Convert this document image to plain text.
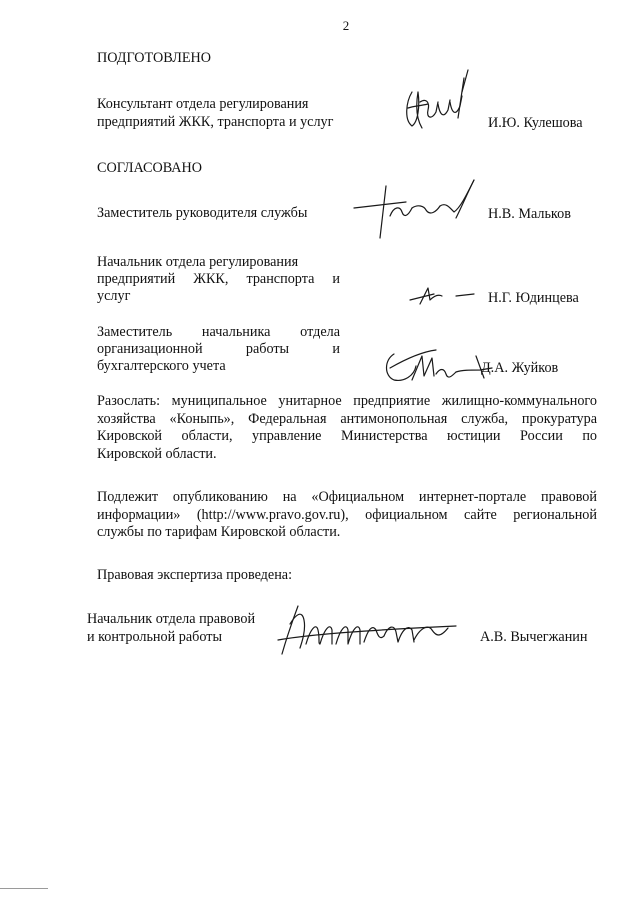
2
ПОДГОТОВЛЕНО
Консультант отдела регулирования
предприятий ЖКК, транспорта и услуг	И.Ю. Кулешова
СОГЛАСОВАНО
Заместитель руководителя службы	Н.В. Мальков
Начальник отдела регулирования
предприятий ЖКК, транспорта и
услуг	Н.Г. Юдинцева
Заместитель начальника отдела
организационной работы и
бухгалтерского учета	Д.А. Жуйков
Разослать: муниципальное унитарное предприятие жилищно-коммунального
хозяйства «Коныпь», Федеральная антимонопольная служба, прокуратура
Кировской области, управление Министерства юстиции России по
Кировской области.
Подлежит опубликованию на «Официальном интернет-портале правовой
информации» (http://www.pravo.gov.ru), официальном сайте региональной
службы по тарифам Кировской области.
Правовая экспертиза проведена:
Начальник отдела правовой
и контрольной работы	А.В. Вычегжанин
